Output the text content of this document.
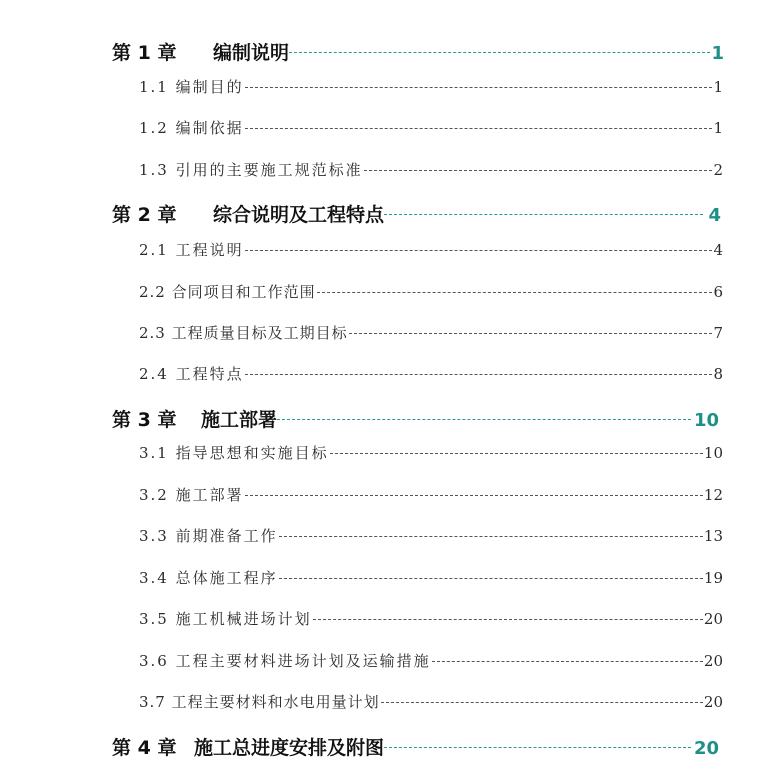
第 1 章	编制说明	1
1.1 编制目的	1
1.2 编制依据	1
1.3 引用的主要施工规范标准	2
第 2 章	综合说明及工程特点	4
2.1 工程说明	4
2.2 合同项目和工作范围	6
2.3 工程质量目标及工期目标	7
2.4 工程特点	8
第 3 章	施工部署	10
3.1 指导思想和实施目标	10
3.2 施工部署	12
3.3 前期准备工作	13
3.4 总体施工程序	19
3.5 施工机械进场计划	20
3.6 工程主要材料进场计划及运输措施	20
3.7 工程主要材料和水电用量计划	20
第 4 章 施工总进度安排及附图	20
